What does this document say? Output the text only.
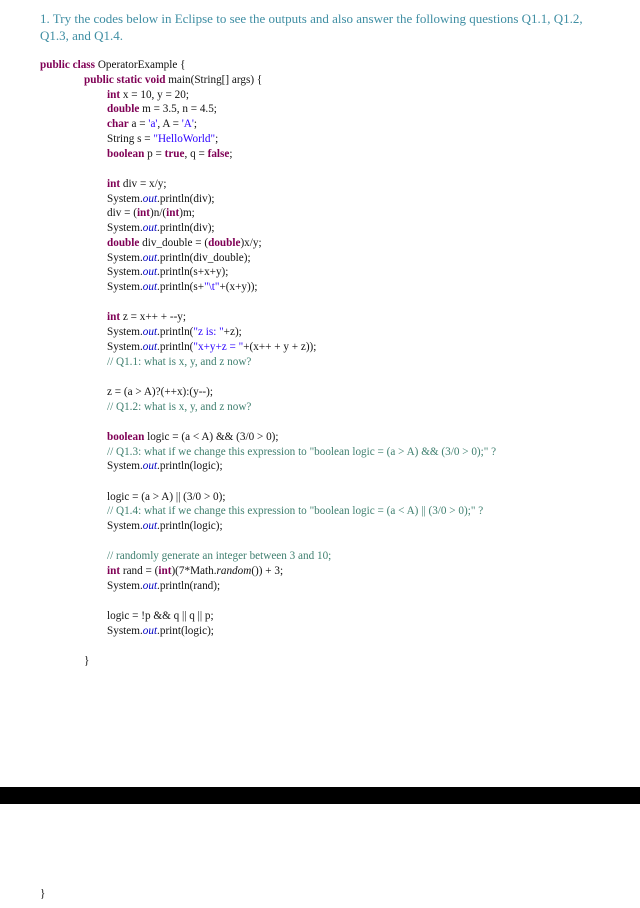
1. Try the codes below in Eclipse to see the outputs and also answer the following questions Q1.1, Q1.2, Q1.3, and Q1.4.
public class OperatorExample {
public static void main(String[] args) {
int x = 10, y = 20;
double m = 3.5, n = 4.5;
char a = 'a', A = 'A';
String s = "HelloWorld";
boolean p = true, q = false;
int div = x/y;
System.out.println(div);
div = (int)n/(int)m;
System.out.println(div);
double div_double = (double)x/y;
System.out.println(div_double);
System.out.println(s+x+y);
System.out.println(s+"\t"+(x+y));
int z = x++ + --y;
System.out.println("z is: "+z);
System.out.println("x+y+z = "+(x++ + y + z));
// Q1.1: what is x, y, and z now?
z = (a > A)?(++x):(y--);
// Q1.2: what is x, y, and z now?
boolean logic = (a < A) && (3/0 > 0);
// Q1.3: what if we change this expression to "boolean logic = (a > A) && (3/0 > 0);" ?
System.out.println(logic);
logic = (a > A) || (3/0 > 0);
// Q1.4: what if we change this expression to "boolean logic = (a < A) || (3/0 > 0);" ?
System.out.println(logic);
// randomly generate an integer between 3 and 10;
int rand = (int)(7*Math.random()) + 3;
System.out.println(rand);
logic = !p && q || q || p;
System.out.print(logic);
}
}
